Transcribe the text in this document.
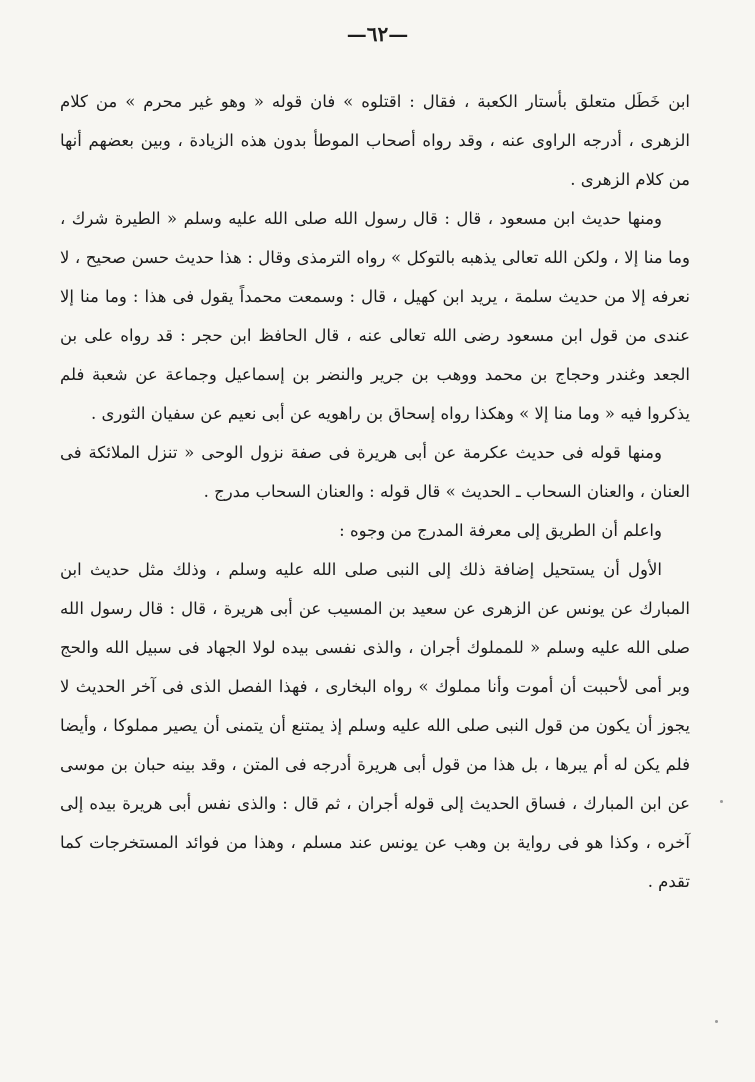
—٦٢—

ابن خَطَل متعلق بأستار الكعبة ، فقال : اقتلوه » فان قوله « وهو غير محرم » من كلام الزهرى ، أدرجه الراوى عنه ، وقد رواه أصحاب الموطأ بدون هذه الزيادة ، وبين بعضهم أنها من كلام الزهرى .

ومنها حديث ابن مسعود ، قال : قال رسول الله صلى الله عليه وسلم « الطيرة شرك ، وما منا إلا ، ولكن الله تعالى يذهبه بالتوكل » رواه الترمذى وقال : هذا حديث حسن صحيح ، لا نعرفه إلا من حديث سلمة ، يريد ابن كهيل ، قال : وسمعت محمداً يقول فى هذا : وما منا إلا عندى من قول ابن مسعود رضى الله تعالى عنه ، قال الحافظ ابن حجر : قد رواه على بن الجعد وغندر وحجاج بن محمد ووهب بن جرير والنضر بن إسماعيل وجماعة عن شعبة فلم يذكروا فيه « وما منا إلا » وهكذا رواه إسحاق بن راهويه عن أبى نعيم عن سفيان الثورى .

ومنها قوله فى حديث عكرمة عن أبى هريرة فى صفة نزول الوحى « تنزل الملائكة فى العنان ، والعنان السحاب ـ الحديث » قال قوله : والعنان السحاب مدرج .

واعلم أن الطريق إلى معرفة المدرج من وجوه :

الأول أن يستحيل إضافة ذلك إلى النبى صلى الله عليه وسلم ، وذلك مثل حديث ابن المبارك عن يونس عن الزهرى عن سعيد بن المسيب عن أبى هريرة ، قال : قال رسول الله صلى الله عليه وسلم « للمملوك أجران ، والذى نفسى بيده لولا الجهاد فى سبيل الله والحج وبر أمى لأحببت أن أموت وأنا مملوك » رواه البخارى ، فهذا الفصل الذى فى آخر الحديث لا يجوز أن يكون من قول النبى صلى الله عليه وسلم إذ يمتنع أن يتمنى أن يصير مملوكا ، وأيضا فلم يكن له أم يبرها ، بل هذا من قول أبى هريرة أدرجه فى المتن ، وقد بينه حبان بن موسى عن ابن المبارك ، فساق الحديث إلى قوله أجران ، ثم قال : والذى نفس أبى هريرة بيده إلى آخره ، وكذا هو فى رواية بن وهب عن يونس عند مسلم ، وهذا من فوائد المستخرجات كما تقدم .
